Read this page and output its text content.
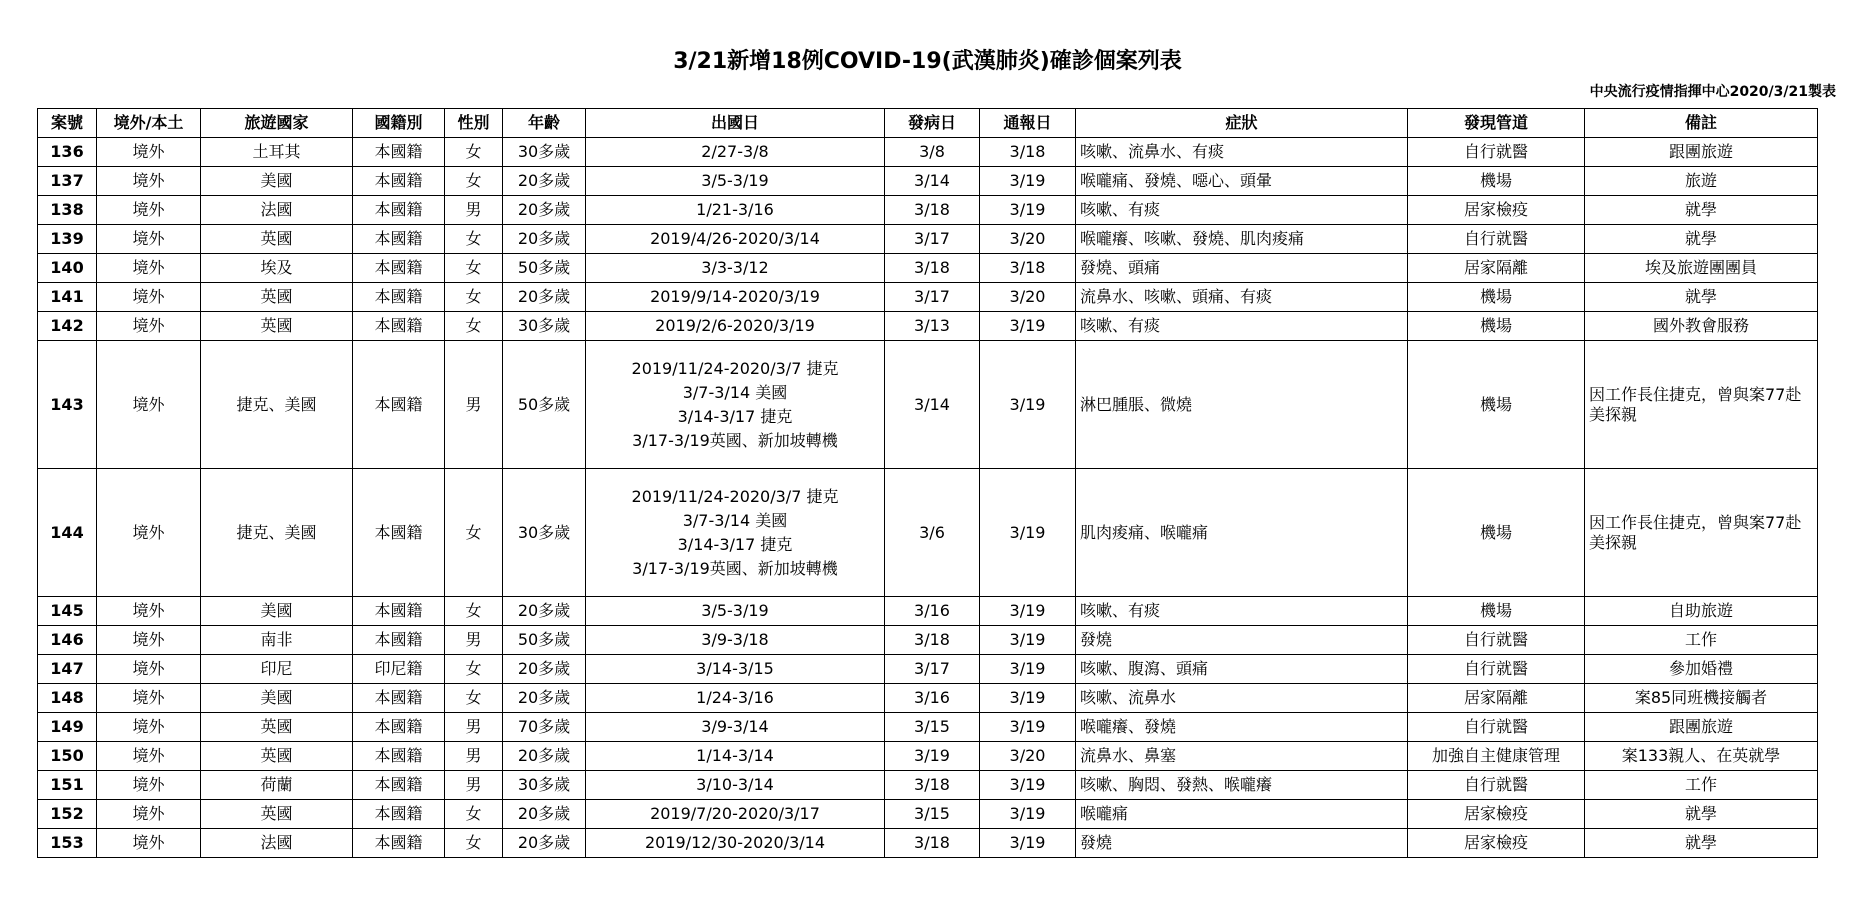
3/21新增18例COVID-19(武漢肺炎)確診個案列表
中央流行疫情指揮中心2020/3/21製表
案號	境外/本土	旅遊國家	國籍別	性別	年齡	出國日	發病日	通報日	症狀	發現管道	備註
136	境外	土耳其	本國籍	女	30多歲	2/27-3/8	3/8	3/18	咳嗽、流鼻水、有痰	自行就醫	跟團旅遊
137	境外	美國	本國籍	女	20多歲	3/5-3/19	3/14	3/19	喉嚨痛、發燒、噁心、頭暈	機場	旅遊
138	境外	法國	本國籍	男	20多歲	1/21-3/16	3/18	3/19	咳嗽、有痰	居家檢疫	就學
139	境外	英國	本國籍	女	20多歲	2019/4/26-2020/3/14	3/17	3/20	喉嚨癢、咳嗽、發燒、肌肉痠痛	自行就醫	就學
140	境外	埃及	本國籍	女	50多歲	3/3-3/12	3/18	3/18	發燒、頭痛	居家隔離	埃及旅遊團團員
141	境外	英國	本國籍	女	20多歲	2019/9/14-2020/3/19	3/17	3/20	流鼻水、咳嗽、頭痛、有痰	機場	就學
142	境外	英國	本國籍	女	30多歲	2019/2/6-2020/3/19	3/13	3/19	咳嗽、有痰	機場	國外教會服務
143	境外	捷克、美國	本國籍	男	50多歲	2019/11/24-2020/3/7 捷克
3/7-3/14 美國
3/14-3/17 捷克
3/17-3/19英國、新加坡轉機	3/14	3/19	淋巴腫脹、微燒	機場	因工作長住捷克，曾與案77赴美探親
144	境外	捷克、美國	本國籍	女	30多歲	2019/11/24-2020/3/7 捷克
3/7-3/14 美國
3/14-3/17 捷克
3/17-3/19英國、新加坡轉機	3/6	3/19	肌肉痠痛、喉嚨痛	機場	因工作長住捷克，曾與案77赴美探親
145	境外	美國	本國籍	女	20多歲	3/5-3/19	3/16	3/19	咳嗽、有痰	機場	自助旅遊
146	境外	南非	本國籍	男	50多歲	3/9-3/18	3/18	3/19	發燒	自行就醫	工作
147	境外	印尼	印尼籍	女	20多歲	3/14-3/15	3/17	3/19	咳嗽、腹瀉、頭痛	自行就醫	參加婚禮
148	境外	美國	本國籍	女	20多歲	1/24-3/16	3/16	3/19	咳嗽、流鼻水	居家隔離	案85同班機接觸者
149	境外	英國	本國籍	男	70多歲	3/9-3/14	3/15	3/19	喉嚨癢、發燒	自行就醫	跟團旅遊
150	境外	英國	本國籍	男	20多歲	1/14-3/14	3/19	3/20	流鼻水、鼻塞	加強自主健康管理	案133親人、在英就學
151	境外	荷蘭	本國籍	男	30多歲	3/10-3/14	3/18	3/19	咳嗽、胸悶、發熱、喉嚨癢	自行就醫	工作
152	境外	英國	本國籍	女	20多歲	2019/7/20-2020/3/17	3/15	3/19	喉嚨痛	居家檢疫	就學
153	境外	法國	本國籍	女	20多歲	2019/12/30-2020/3/14	3/18	3/19	發燒	居家檢疫	就學
